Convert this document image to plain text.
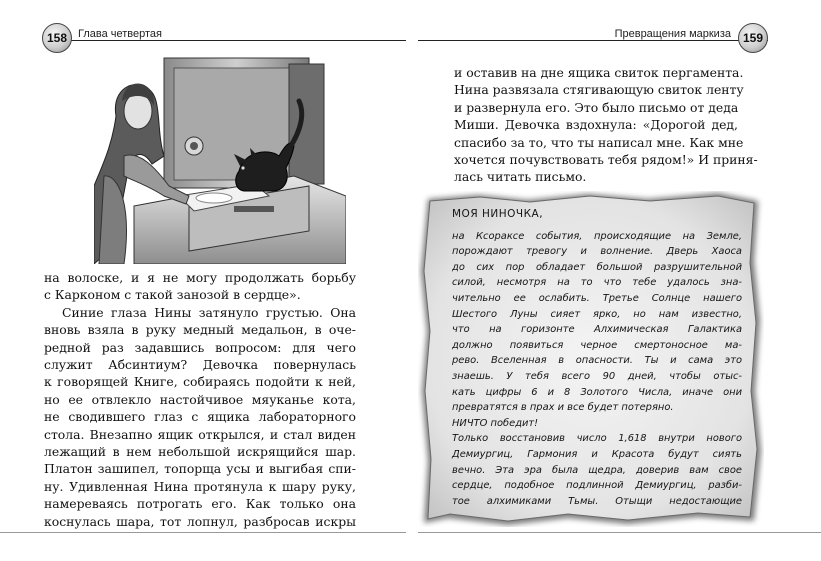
158 Глава четвертая	Превращения маркиза 159
на волоске, и я не могу продолжать борьбу
с Карконом с такой занозой в сердце».
Синие глаза Нины затянуло грустью. Она
вновь взяла в руку медный медальон, в оче-
редной раз задавшись вопросом: для чего
служит Абсинтиум? Девочка повернулась
к говорящей Книге, собираясь подойти к ней,
но ее отвлекло настойчивое мяуканье кота,
не сводившего глаз с ящика лабораторного
стола. Внезапно ящик открылся, и стал виден
лежащий в нем небольшой искрящийся шар.
Платон зашипел, топорща усы и выгибая спи-
ну. Удивленная Нина протянула к шару руку,
намереваясь потрогать его. Как только она
коснулась шара, тот лопнул, разбросав искры
и оставив на дне ящика свиток пергамента.
Нина развязала стягивающую свиток ленту
и развернула его. Это было письмо от деда
Миши. Девочка вздохнула: «Дорогой дед,
спасибо за то, что ты написал мне. Как мне
хочется почувствовать тебя рядом!» И приня-
лась читать письмо.
МОЯ НИНОЧКА,
на Ксораксе события, происходящие на Земле,
порождают тревогу и волнение. Дверь Хаоса
до сих пор обладает большой разрушительной
силой, несмотря на то что тебе удалось зна-
чительно ее ослабить. Третье Солнце нашего
Шестого Луны сияет ярко, но нам известно,
что на горизонте Алхимическая Галактика
должно появиться черное смертоносное ма-
рево. Вселенная в опасности. Ты и сама это
знаешь. У тебя всего 90 дней, чтобы отыс-
кать цифры 6 и 8 Золотого Числа, иначе они
превратятся в прах и все будет потеряно.
НИЧТО победит!
Только восстановив число 1,618 внутри нового
Демиургиц, Гармония и Красота будут сиять
вечно. Эта эра была щедра, доверив вам свое
сердце, подобное подлинной Демиургиц, разби-
тое алхимиками Тьмы. Отыщи недостающие
